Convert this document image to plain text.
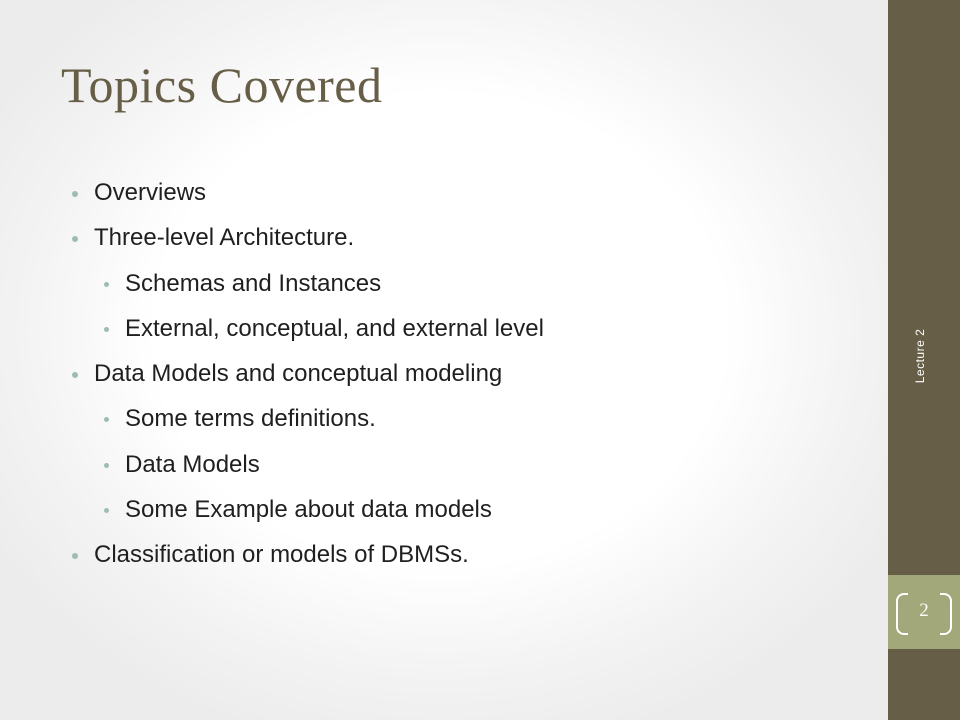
Topics Covered
Overviews
Three-level Architecture.
Schemas and Instances
External, conceptual, and external level
Data Models and conceptual modeling
Some terms definitions.
Data Models
Some Example about data models
Classification or models of DBMSs.
Lecture 2
2
